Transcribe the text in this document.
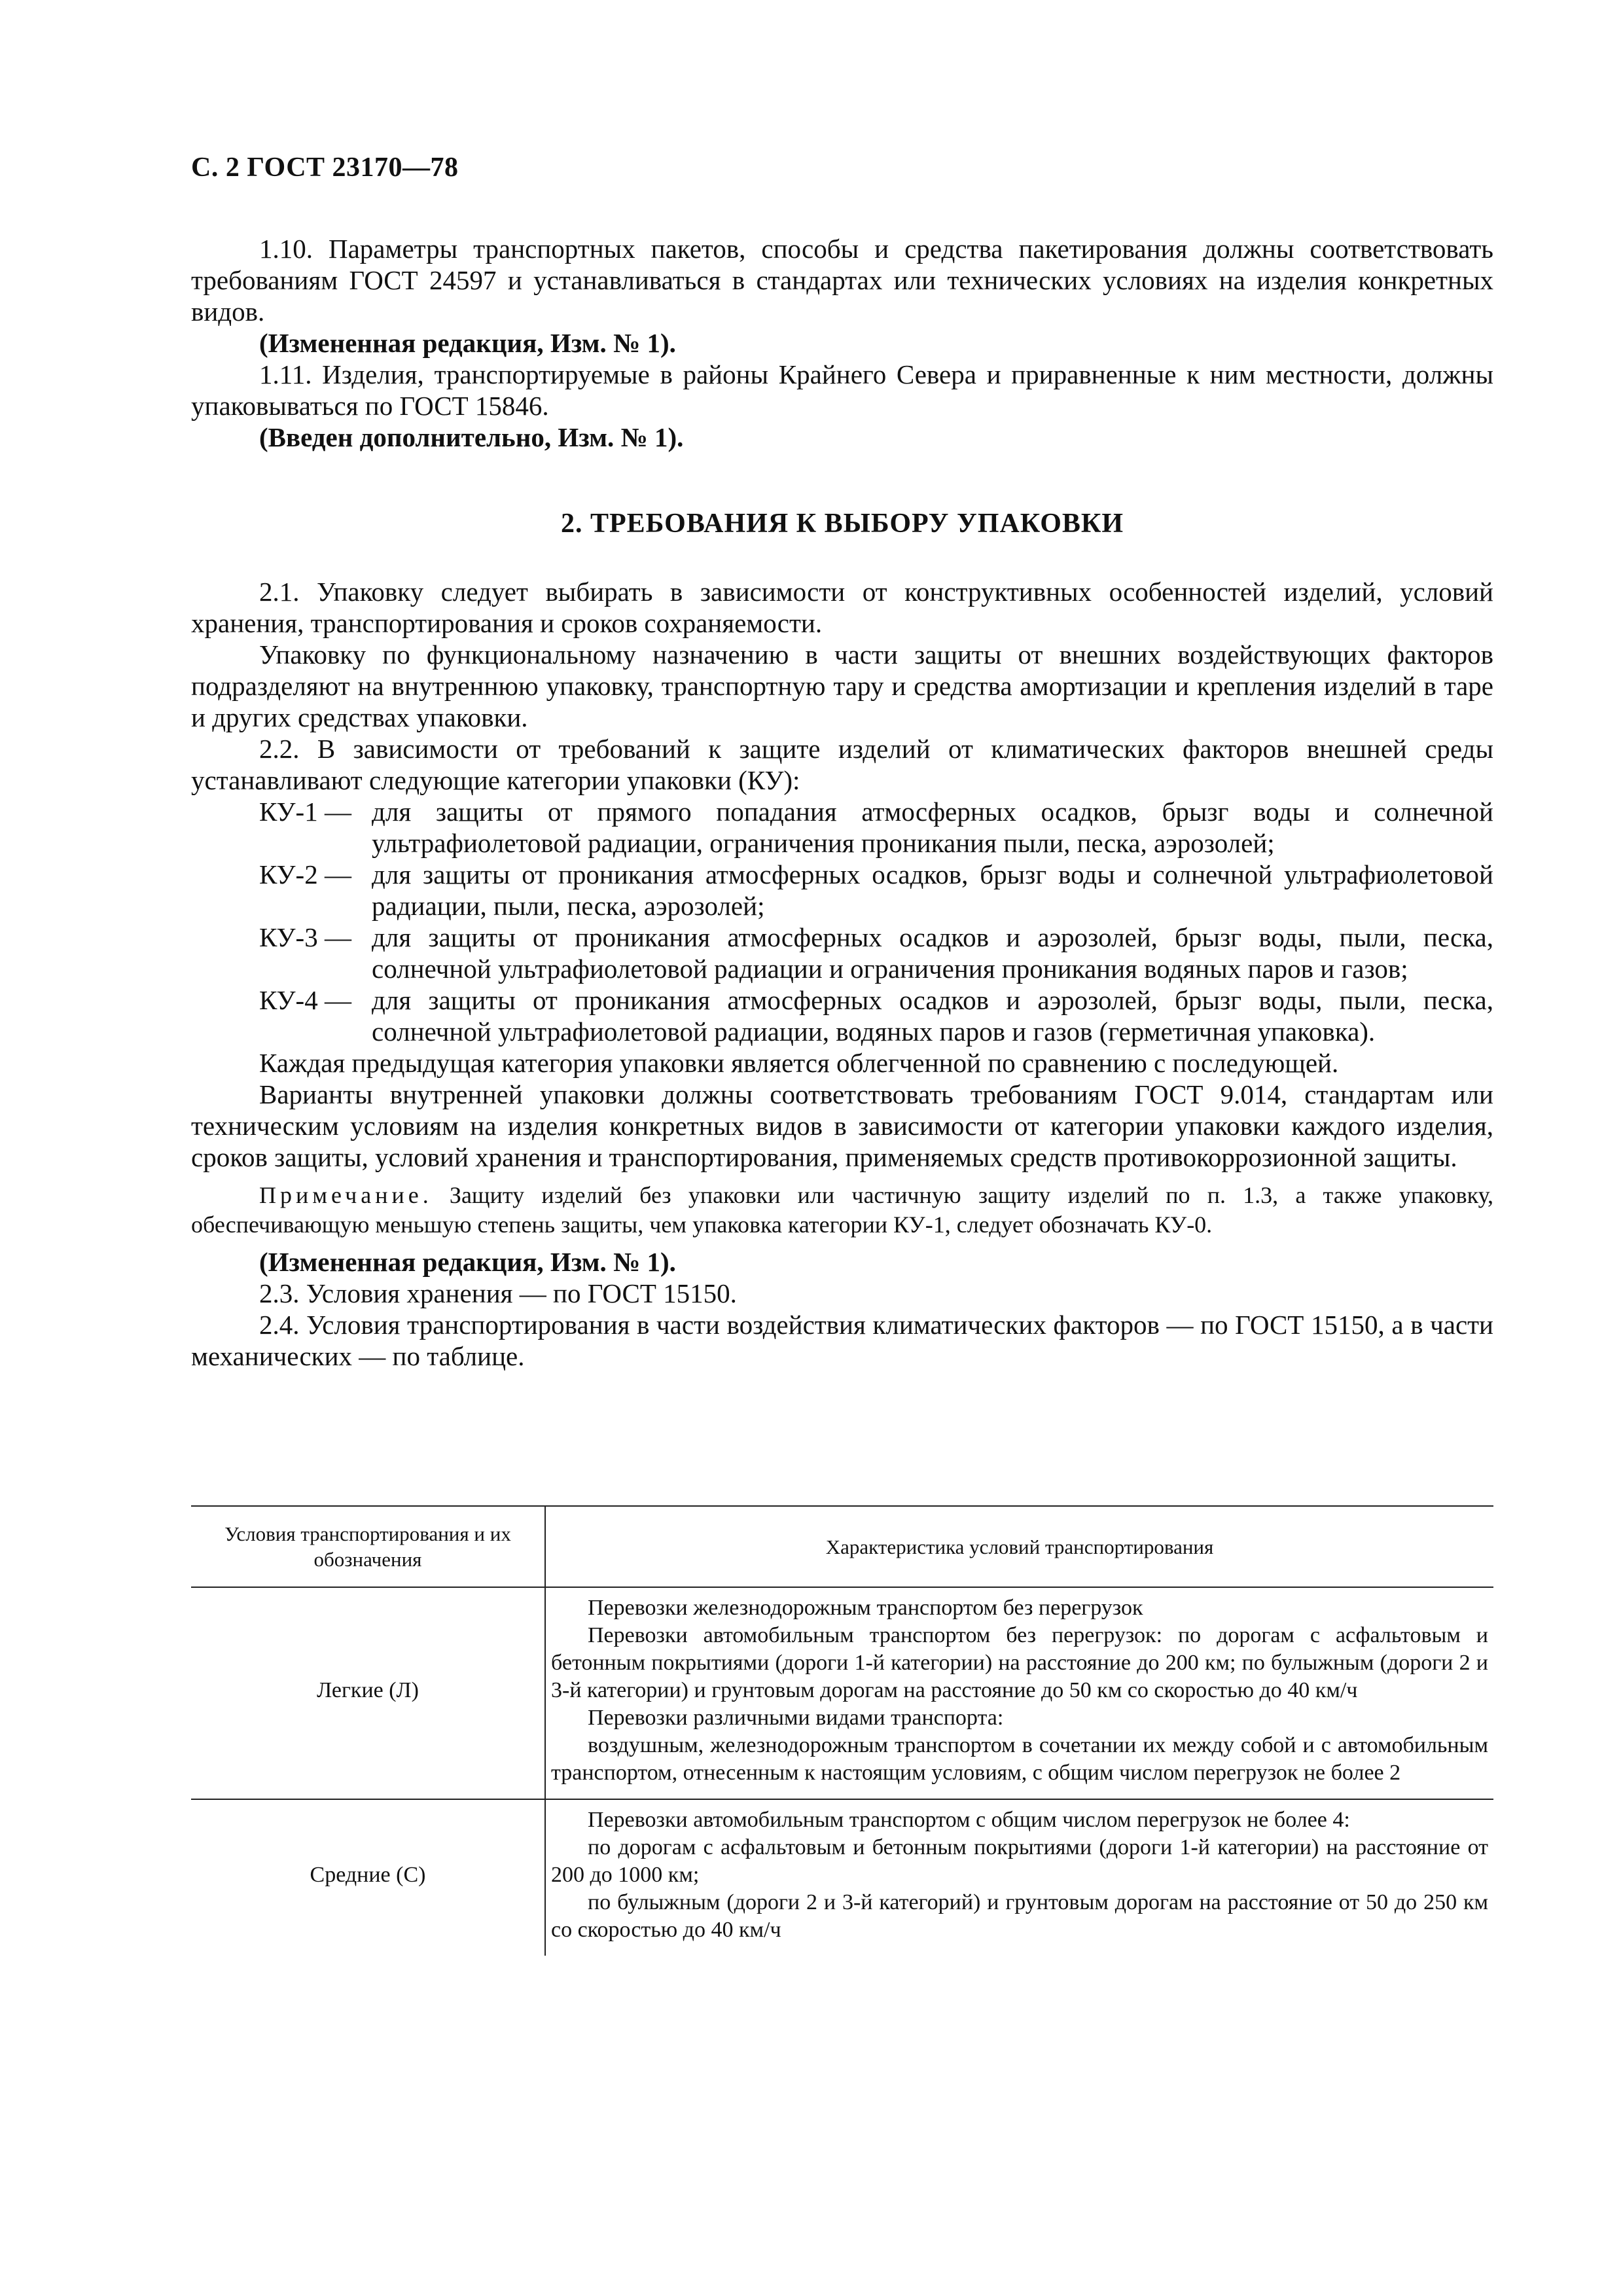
С. 2 ГОСТ 23170—78

1.10. Параметры транспортных пакетов, способы и средства пакетирования должны соответствовать требованиям ГОСТ 24597 и устанавливаться в стандартах или технических условиях на изделия конкретных видов.

(Измененная редакция, Изм. № 1).

1.11. Изделия, транспортируемые в районы Крайнего Севера и приравненные к ним местности, должны упаковываться по ГОСТ 15846.

(Введен дополнительно, Изм. № 1).

2. ТРЕБОВАНИЯ К ВЫБОРУ УПАКОВКИ

2.1. Упаковку следует выбирать в зависимости от конструктивных особенностей изделий, условий хранения, транспортирования и сроков сохраняемости.

Упаковку по функциональному назначению в части защиты от внешних воздействующих факторов подразделяют на внутреннюю упаковку, транспортную тару и средства амортизации и крепления изделий в таре и других средствах упаковки.

2.2. В зависимости от требований к защите изделий от климатических факторов внешней среды устанавливают следующие категории упаковки (КУ):

КУ-1 — для защиты от прямого попадания атмосферных осадков, брызг воды и солнечной ультрафиолетовой радиации, ограничения проникания пыли, песка, аэрозолей;
КУ-2 — для защиты от проникания атмосферных осадков, брызг воды и солнечной ультрафиолетовой радиации, пыли, песка, аэрозолей;
КУ-3 — для защиты от проникания атмосферных осадков и аэрозолей, брызг воды, пыли, песка, солнечной ультрафиолетовой радиации и ограничения проникания водяных паров и газов;
КУ-4 — для защиты от проникания атмосферных осадков и аэрозолей, брызг воды, пыли, песка, солнечной ультрафиолетовой радиации, водяных паров и газов (герметичная упаковка).

Каждая предыдущая категория упаковки является облегченной по сравнению с последующей.

Варианты внутренней упаковки должны соответствовать требованиям ГОСТ 9.014, стандартам или техническим условиям на изделия конкретных видов в зависимости от категории упаковки каждого изделия, сроков защиты, условий хранения и транспортирования, применяемых средств противокоррозионной защиты.

Примечание. Защиту изделий без упаковки или частичную защиту изделий по п. 1.3, а также упаковку, обеспечивающую меньшую степень защиты, чем упаковка категории КУ-1, следует обозначать КУ-0.

(Измененная редакция, Изм. № 1).

2.3. Условия хранения — по ГОСТ 15150.

2.4. Условия транспортирования в части воздействия климатических факторов — по ГОСТ 15150, а в части механических — по таблице.

Условия транспортирования и их обозначения	Характеристика условий транспортирования
Легкие (Л)	Перевозки железнодорожным транспортом без перегрузок

Перевозки автомобильным транспортом без перегрузок: по дорогам с асфальтовым и бетонным покрытиями (дороги 1-й категории) на расстояние до 200 км; по булыжным (дороги 2 и 3-й категории) и грунтовым дорогам на расстояние до 50 км со скоростью до 40 км/ч

Перевозки различными видами транспорта:

воздушным, железнодорожным транспортом в сочетании их между собой и с автомобильным транспортом, отнесенным к настоящим условиям, с общим числом перегрузок не более 2

Средние (С)	Перевозки автомобильным транспортом с общим числом перегрузок не более 4:

по дорогам с асфальтовым и бетонным покрытиями (дороги 1-й категории) на расстояние от 200 до 1000 км;

по булыжным (дороги 2 и 3-й категорий) и грунтовым дорогам на расстояние от 50 до 250 км со скоростью до 40 км/ч
